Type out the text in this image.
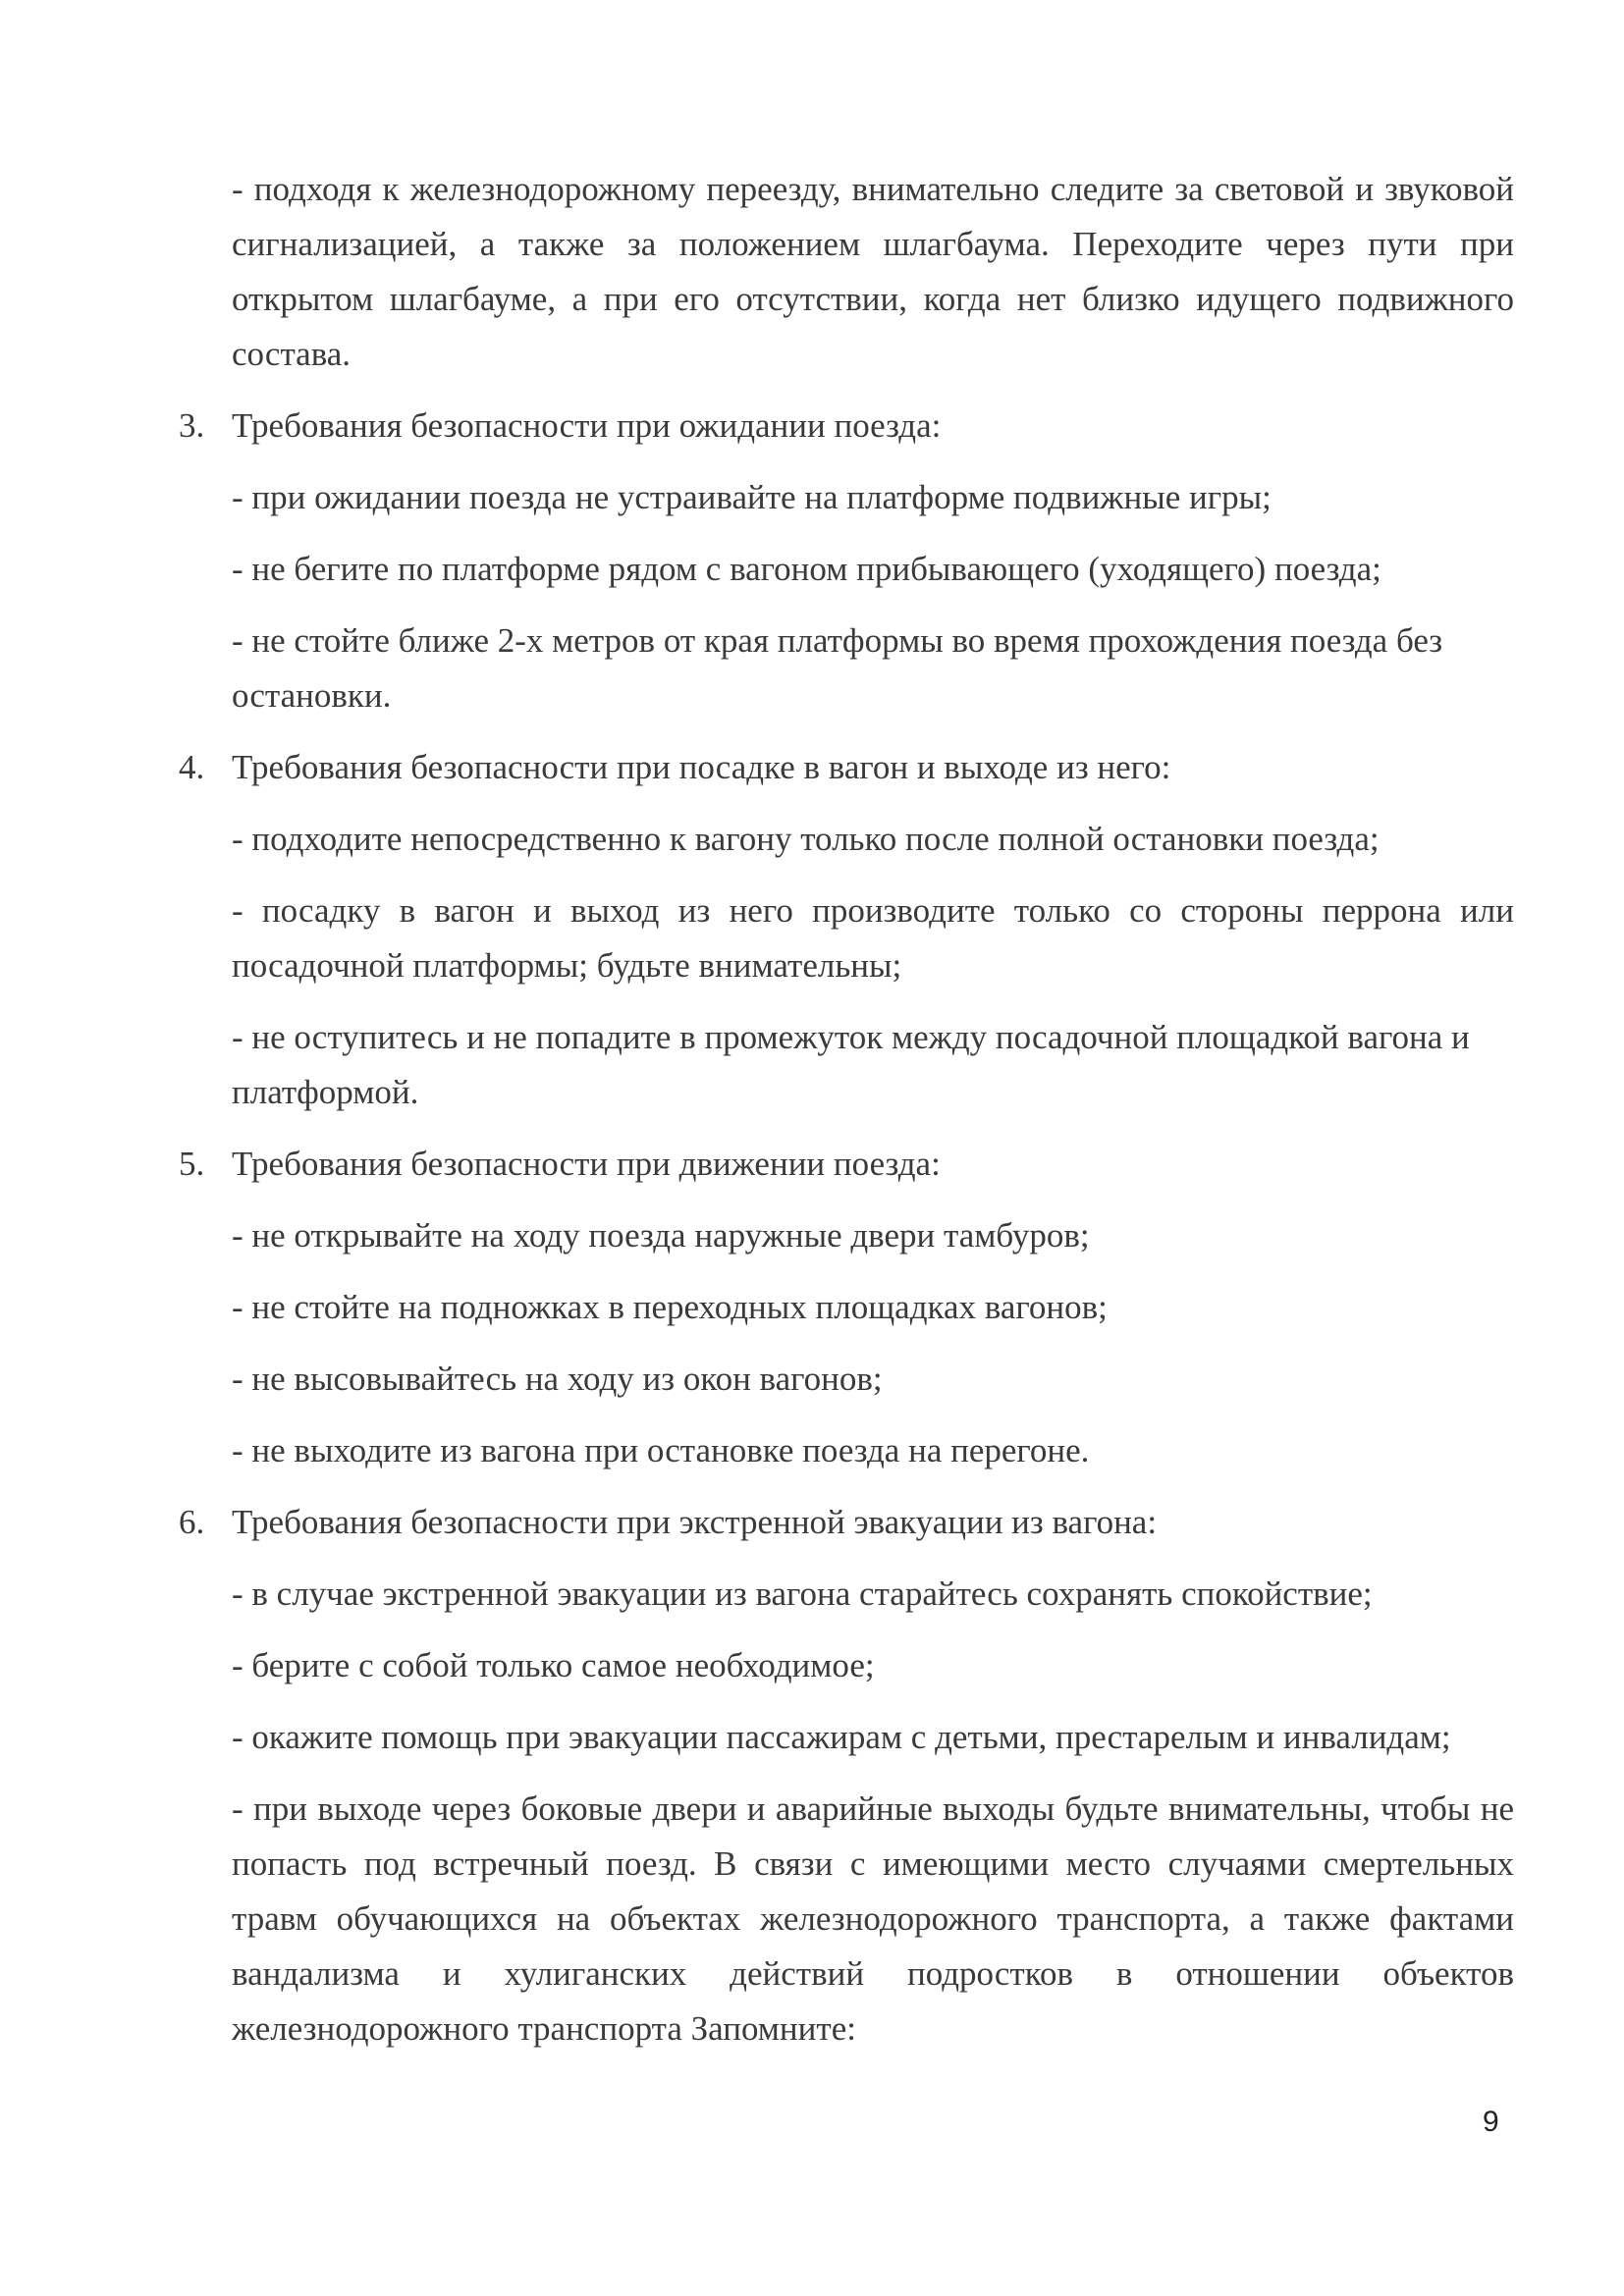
- подходя к железнодорожному переезду, внимательно следите за световой и звуковой сигнализацией, а также за положением шлагбаума. Переходите через пути при открытом шлагбауме, а при его отсутствии, когда нет близко идущего подвижного состава.

3. Требования безопасности при ожидании поезда:

- при ожидании поезда не устраивайте на платформе подвижные игры;

- не бегите по платформе рядом с вагоном прибывающего (уходящего) поезда;

- не стойте ближе 2-х метров от края платформы во время прохождения поезда без остановки.

4. Требования безопасности при посадке в вагон и выходе из него:

- подходите непосредственно к вагону только после полной остановки поезда;

- посадку в вагон и выход из него производите только со стороны перрона или посадочной платформы; будьте внимательны;

- не оступитесь и не попадите в промежуток между посадочной площадкой вагона и платформой.

5. Требования безопасности при движении поезда:

- не открывайте на ходу поезда наружные двери тамбуров;

- не стойте на подножках в переходных площадках вагонов;

- не высовывайтесь на ходу из окон вагонов;

- не выходите из вагона при остановке поезда на перегоне.

6. Требования безопасности при экстренной эвакуации из вагона:

- в случае экстренной эвакуации из вагона старайтесь сохранять спокойствие;

- берите с собой только самое необходимое;

- окажите помощь при эвакуации пассажирам с детьми, престарелым и инвалидам;

- при выходе через боковые двери и аварийные выходы будьте внимательны, чтобы не попасть под встречный поезд. В связи с имеющими место случаями смертельных травм обучающихся на объектах железнодорожного транспорта, а также фактами вандализма и хулиганских действий подростков в отношении объектов железнодорожного транспорта Запомните:

9
